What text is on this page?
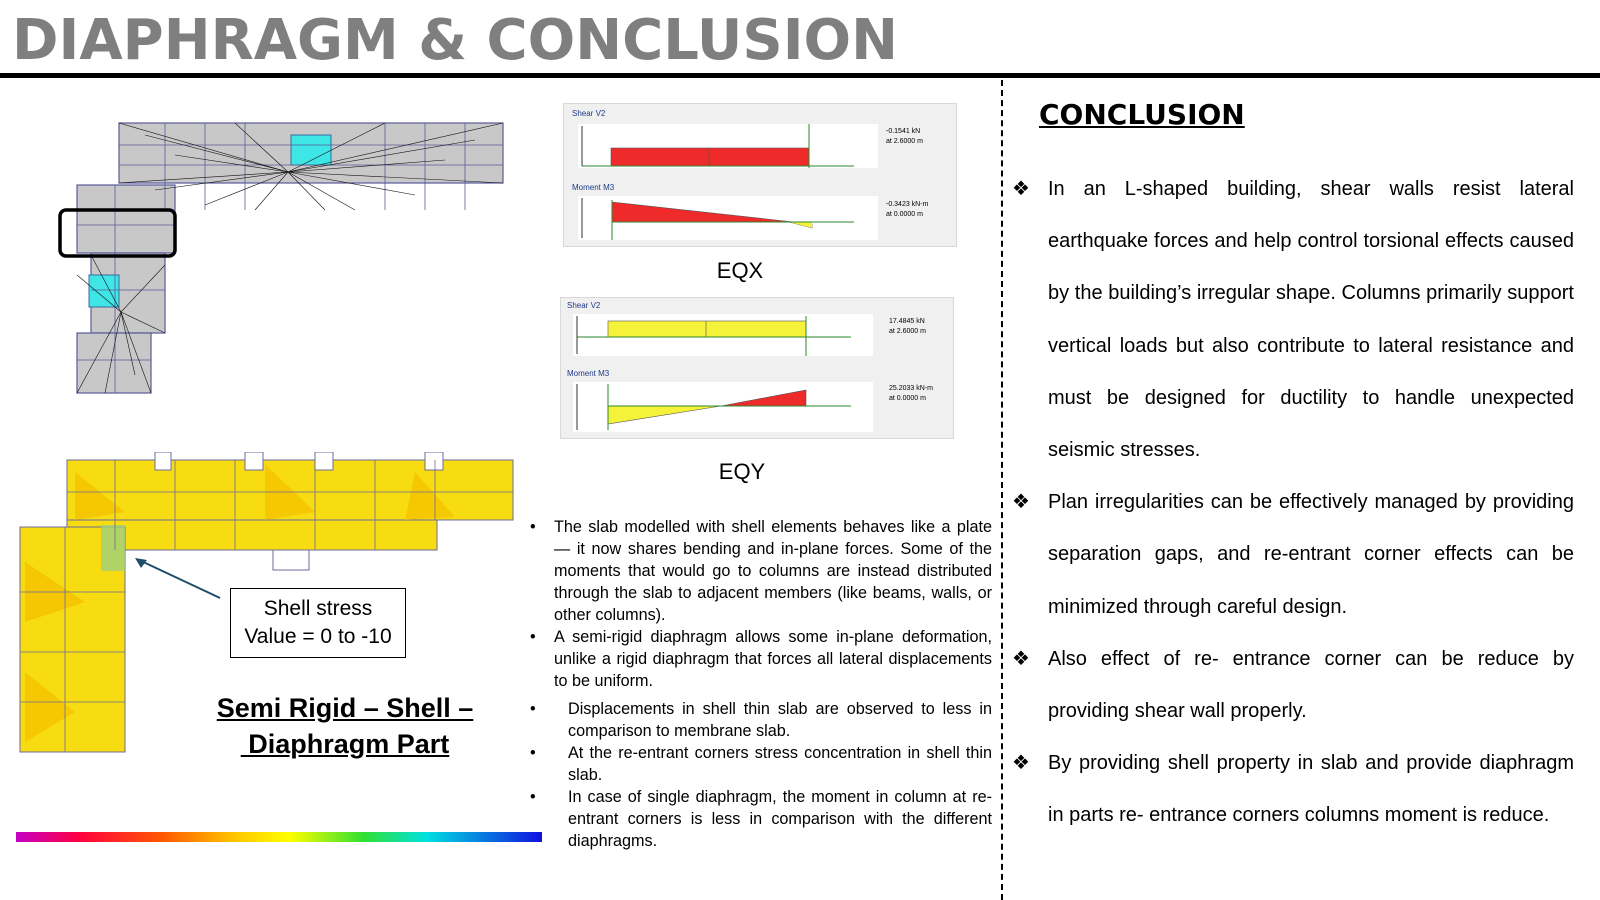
DIAPHRAGM & CONCLUSION
Shell stress
Value = 0 to -10
Semi Rigid – Shell –
Diaphragm Part
Shear V2
-0.1541 kN
at 2.6000 m
Moment M3
-0.3423 kN-m
at 0.0000 m
EQX
Shear V2
17.4845 kN
at 2.6000 m
Moment M3
25.2033 kN-m
at 0.0000 m
EQY
• The slab modelled with shell elements behaves like a plate — it now shares bending and in-plane forces. Some of the moments that would go to columns are instead distributed through the slab to adjacent members (like beams, walls, or other columns).
• A semi-rigid diaphragm allows some in-plane deformation, unlike a rigid diaphragm that forces all lateral displacements to be uniform.
• Displacements in shell thin slab are observed to less in comparison to membrane slab.
• At the re-entrant corners stress concentration in shell thin slab.
• In case of single diaphragm, the moment in column at re-entrant corners is less in comparison with the different diaphragms.
CONCLUSION
❖ In an L-shaped building, shear walls resist lateral earthquake forces and help control torsional effects caused by the building’s irregular shape. Columns primarily support vertical loads but also contribute to lateral resistance and must be designed for ductility to handle unexpected seismic stresses.
❖ Plan irregularities can be effectively managed by providing separation gaps, and re-entrant corner effects can be minimized through careful design.
❖ Also effect of re- entrance corner can be reduce by providing shear wall properly.
❖ By providing shell property in slab and provide diaphragm in parts re- entrance corners columns moment is reduce.
